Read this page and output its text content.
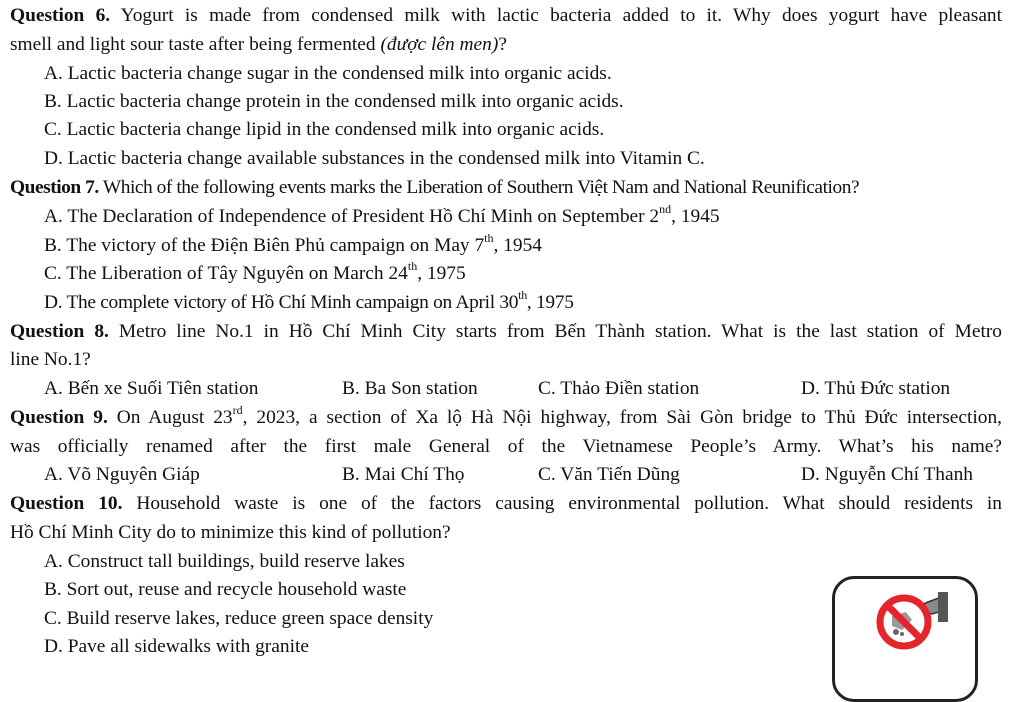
Question 6. Yogurt is made from condensed milk with lactic bacteria added to it. Why does yogurt have pleasant
smell and light sour taste after being fermented (được lên men)?
A. Lactic bacteria change sugar in the condensed milk into organic acids.
B. Lactic bacteria change protein in the condensed milk into organic acids.
C. Lactic bacteria change lipid in the condensed milk into organic acids.
D. Lactic bacteria change available substances in the condensed milk into Vitamin C.
Question 7. Which of the following events marks the Liberation of Southern Việt Nam and National Reunification?
A. The Declaration of Independence of President Hồ Chí Minh on September 2nd, 1945
B. The victory of the Điện Biên Phủ campaign on May 7th, 1954
C. The Liberation of Tây Nguyên on March 24th, 1975
D. The complete victory of Hồ Chí Minh campaign on April 30th, 1975
Question 8. Metro line No.1 in Hồ Chí Minh City starts from Bến Thành station. What is the last station of Metro
line No.1?
A. Bến xe Suối Tiên station	B. Ba Son station	C. Thảo Điền station	D. Thủ Đức station
Question 9. On August 23rd, 2023, a section of Xa lộ Hà Nội highway, from Sài Gòn bridge to Thủ Đức intersection,
was officially renamed after the first male General of the Vietnamese People’s Army. What’s his name?
A. Võ Nguyên Giáp	B. Mai Chí Thọ	C. Văn Tiến Dũng	D. Nguyễn Chí Thanh
Question 10. Household waste is one of the factors causing environmental pollution. What should residents in
Hồ Chí Minh City do to minimize this kind of pollution?
A. Construct tall buildings, build reserve lakes
B. Sort out, reuse and recycle household waste
C. Build reserve lakes, reduce green space density
D. Pave all sidewalks with granite
